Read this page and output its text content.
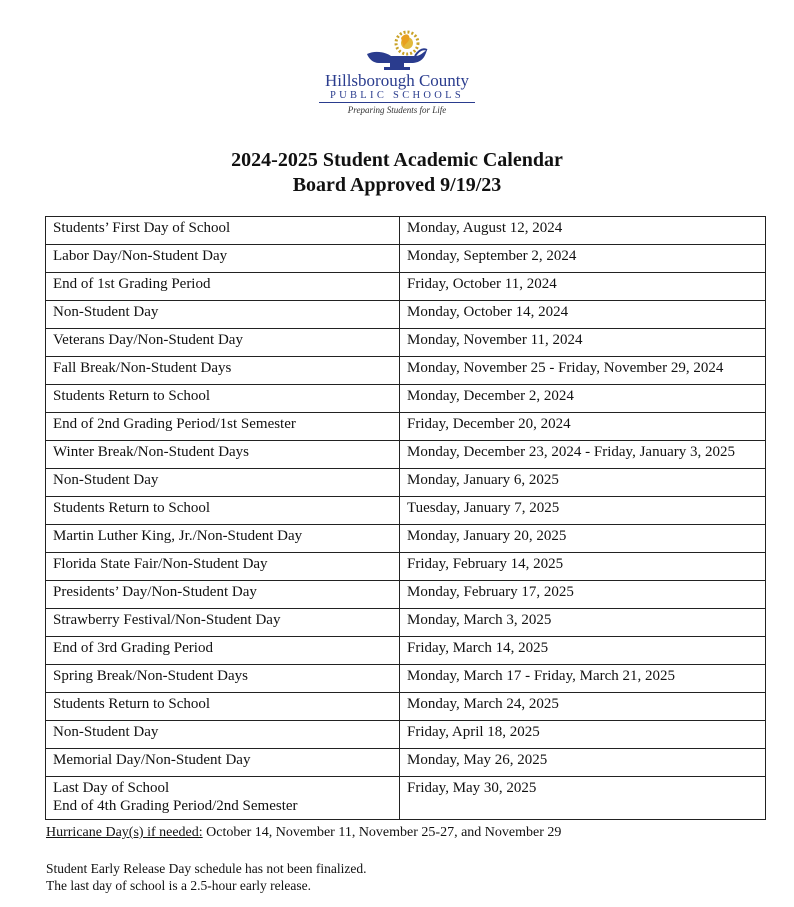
Hillsborough County
PUBLIC SCHOOLS
Preparing Students for Life
2024-2025 Student Academic Calendar
Board Approved 9/19/23
Students’ First Day of School	Monday, August 12, 2024

Labor Day/Non-Student Day	Monday, September 2, 2024

End of 1st Grading Period	Friday, October 11, 2024

Non-Student Day	Monday, October 14, 2024

Veterans Day/Non-Student Day	Monday, November 11, 2024

Fall Break/Non-Student Days	Monday, November 25 - Friday, November 29, 2024

Students Return to School	Monday, December 2, 2024

End of 2nd Grading Period/1st Semester	Friday, December 20, 2024

Winter Break/Non-Student Days	Monday, December 23, 2024 - Friday, January 3, 2025

Non-Student Day	Monday, January 6, 2025

Students Return to School	Tuesday, January 7, 2025

Martin Luther King, Jr./Non-Student Day	Monday, January 20, 2025

Florida State Fair/Non-Student Day	Friday, February 14, 2025

Presidents’ Day/Non-Student Day	Monday, February 17, 2025

Strawberry Festival/Non-Student Day	Monday, March 3, 2025

End of 3rd Grading Period	Friday, March 14, 2025

Spring Break/Non-Student Days	Monday, March 17 - Friday, March 21, 2025

Students Return to School	Monday, March 24, 2025

Non-Student Day	Friday, April 18, 2025

Memorial Day/Non-Student Day	Monday, May 26, 2025

Last Day of School
End of 4th Grading Period/2nd Semester	Friday, May 30, 2025
Hurricane Day(s) if needed: October 14, November 11, November 25-27, and November 29
Student Early Release Day schedule has not been finalized.
The last day of school is a 2.5-hour early release.
